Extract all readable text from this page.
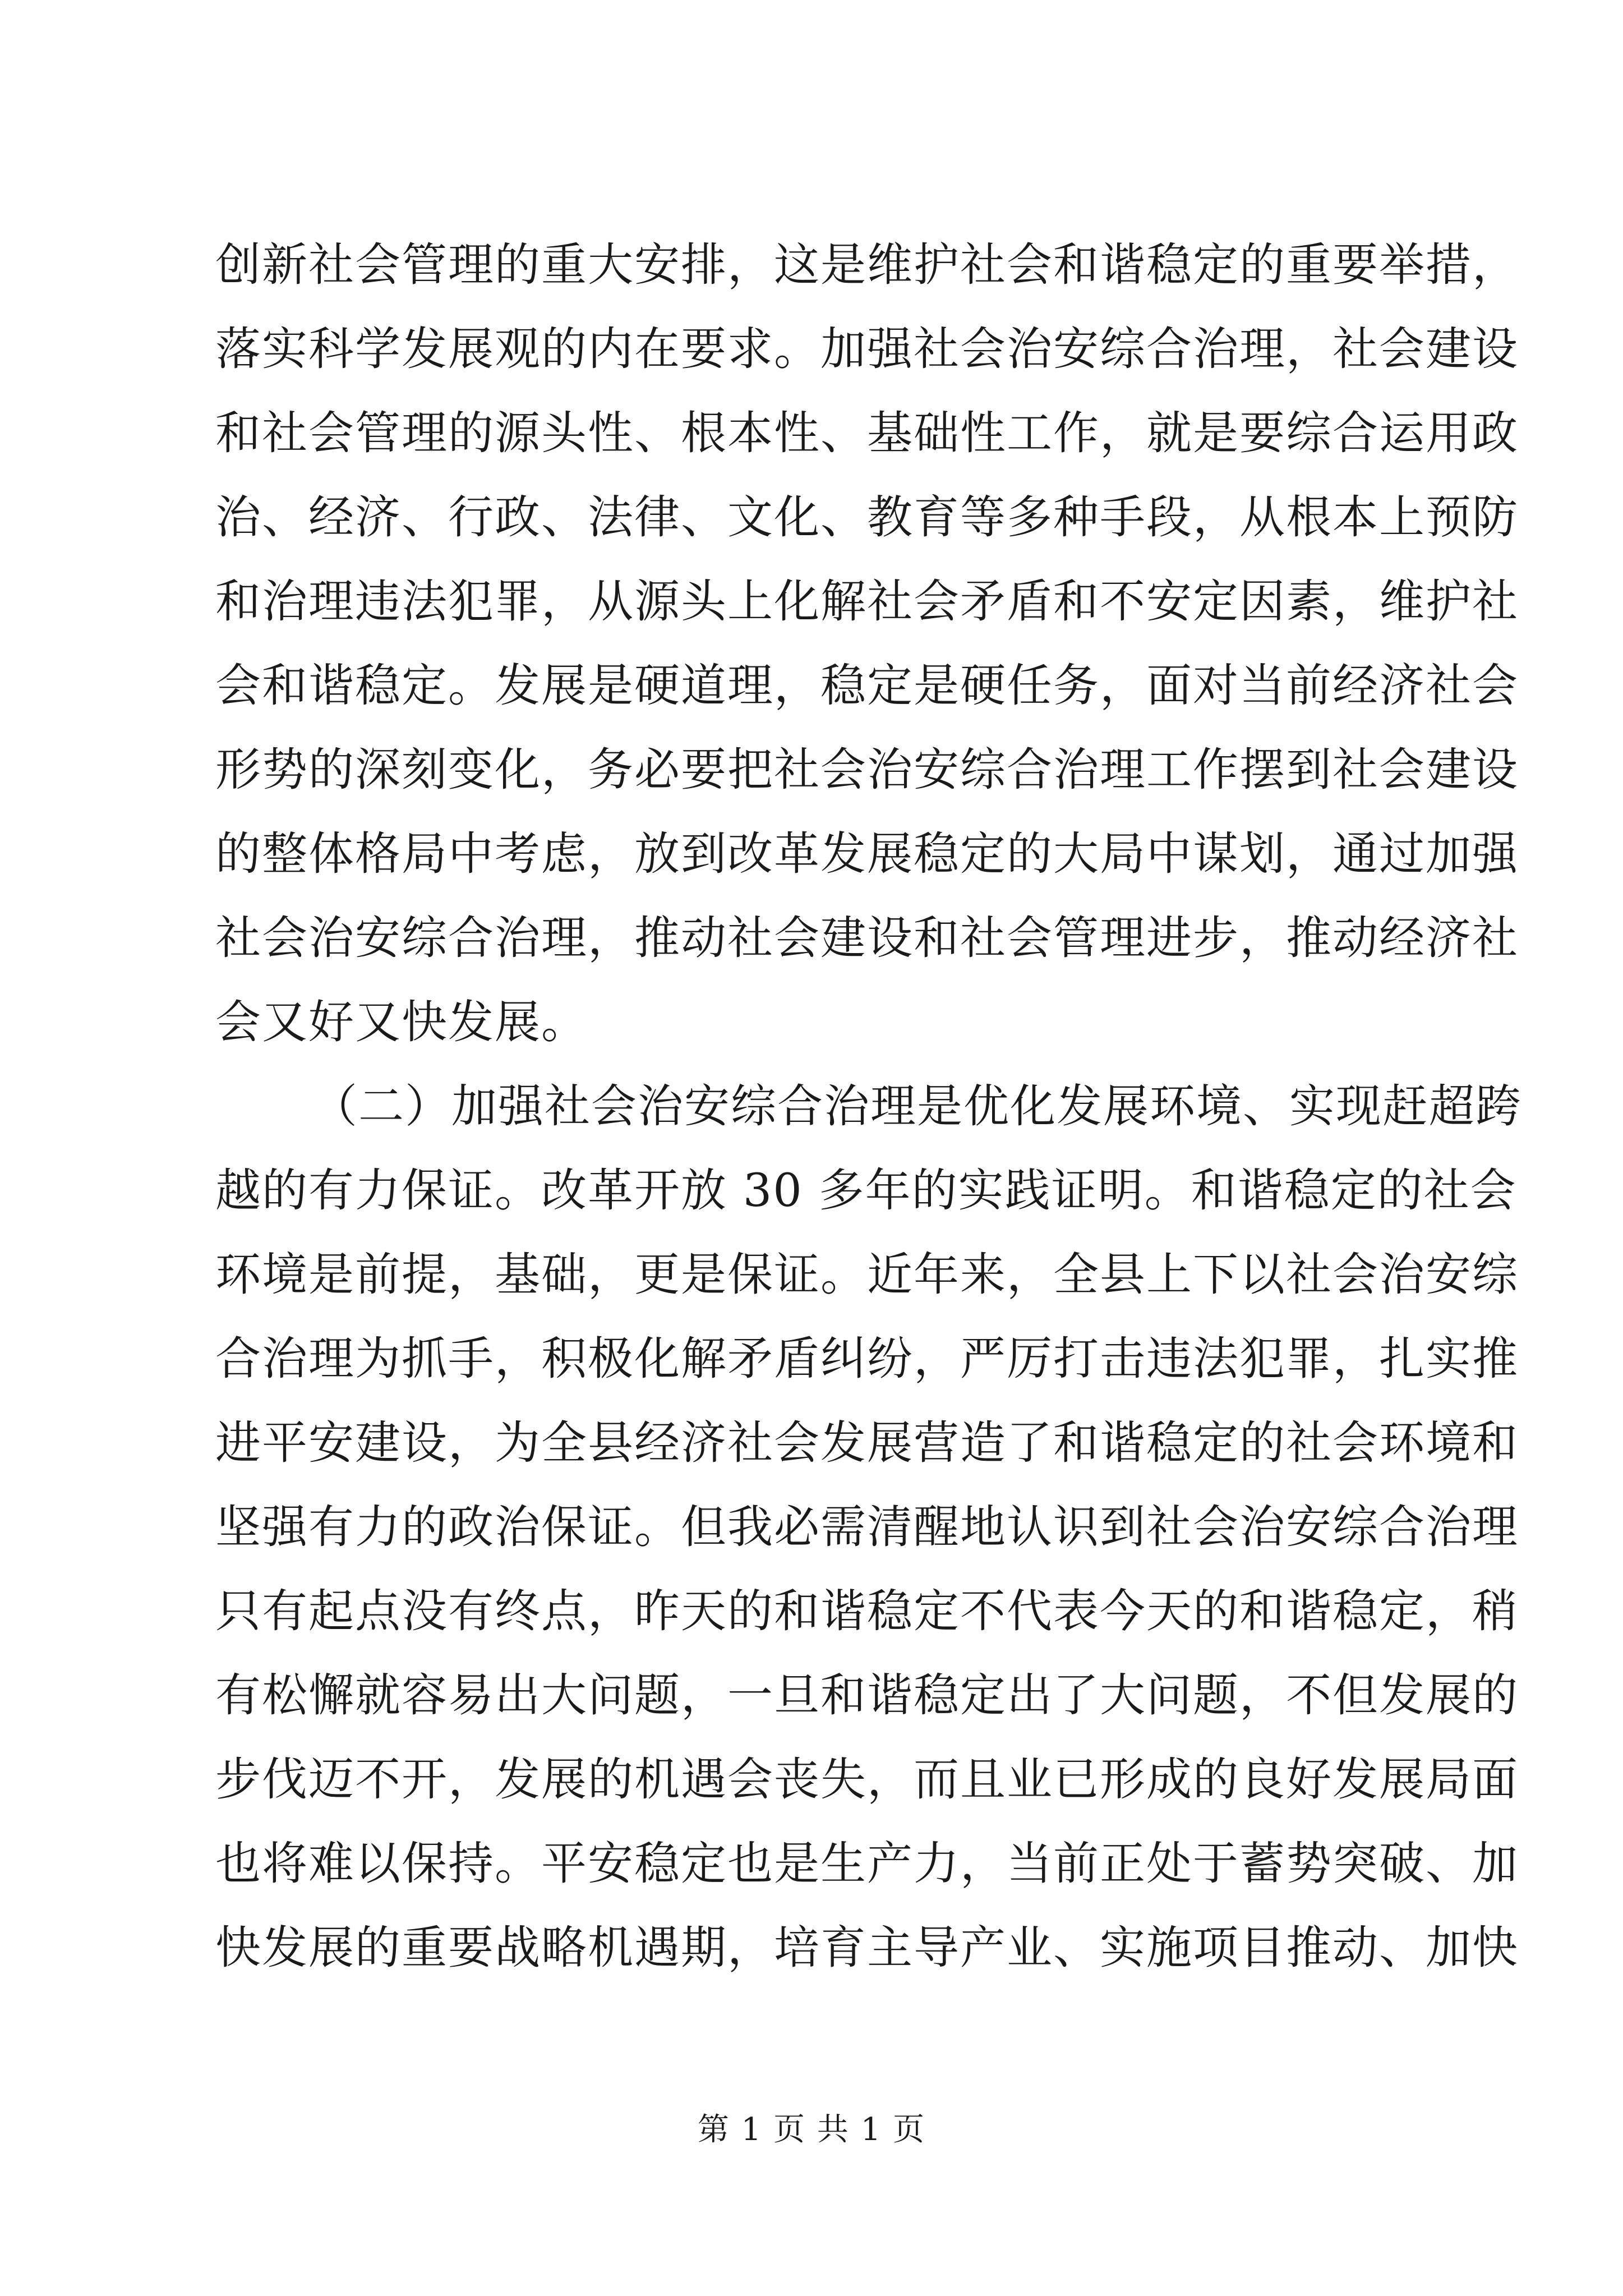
创新社会管理的重大安排，这是维护社会和谐稳定的重要举措，
落实科学发展观的内在要求。加强社会治安综合治理，社会建设
和社会管理的源头性、根本性、基础性工作，就是要综合运用政
治、经济、行政、法律、文化、教育等多种手段，从根本上预防
和治理违法犯罪，从源头上化解社会矛盾和不安定因素，维护社
会和谐稳定。发展是硬道理，稳定是硬任务，面对当前经济社会
形势的深刻变化，务必要把社会治安综合治理工作摆到社会建设
的整体格局中考虑，放到改革发展稳定的大局中谋划，通过加强
社会治安综合治理，推动社会建设和社会管理进步，推动经济社
会又好又快发展。
（二）加强社会治安综合治理是优化发展环境、实现赶超跨
越的有力保证。改革开放 30 多年的实践证明。和谐稳定的社会
环境是前提，基础，更是保证。近年来，全县上下以社会治安综
合治理为抓手，积极化解矛盾纠纷，严厉打击违法犯罪，扎实推
进平安建设，为全县经济社会发展营造了和谐稳定的社会环境和
坚强有力的政治保证。但我必需清醒地认识到社会治安综合治理
只有起点没有终点，昨天的和谐稳定不代表今天的和谐稳定，稍
有松懈就容易出大问题，一旦和谐稳定出了大问题，不但发展的
步伐迈不开，发展的机遇会丧失，而且业已形成的良好发展局面
也将难以保持。平安稳定也是生产力，当前正处于蓄势突破、加
快发展的重要战略机遇期，培育主导产业、实施项目推动、加快
第 1 页 共 1 页
